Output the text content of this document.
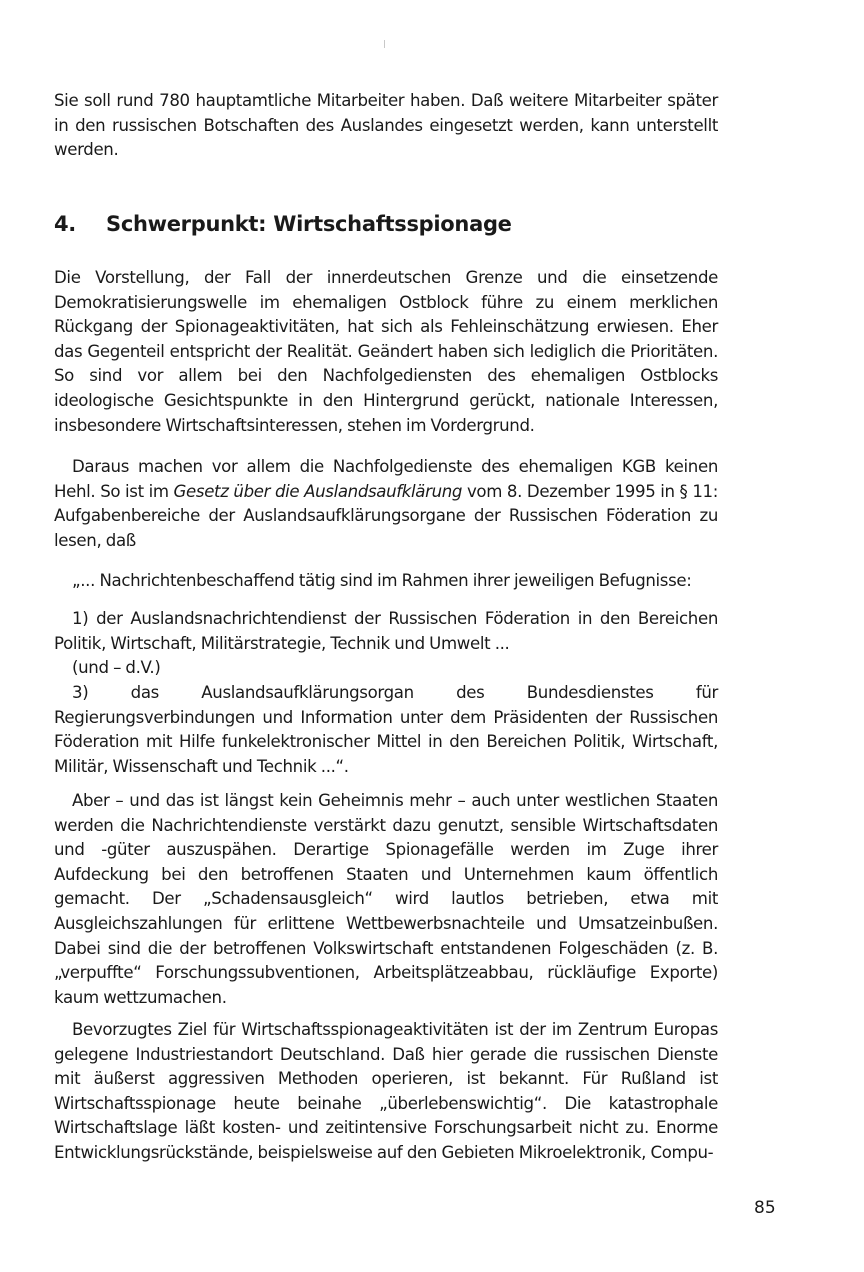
Sie soll rund 780 hauptamtliche Mitarbeiter haben. Daß weitere Mitarbeiter später in den russischen Botschaften des Auslandes eingesetzt werden, kann unterstellt werden.

4. Schwerpunkt: Wirtschaftsspionage

Die Vorstellung, der Fall der innerdeutschen Grenze und die einsetzende Demokratisierungswelle im ehemaligen Ostblock führe zu einem merklichen Rückgang der Spionageaktivitäten, hat sich als Fehleinschätzung erwiesen. Eher das Gegenteil entspricht der Realität. Geändert haben sich lediglich die Prioritäten. So sind vor allem bei den Nachfolgediensten des ehemaligen Ostblocks ideologische Gesichtspunkte in den Hintergrund gerückt, nationale Interessen, insbesondere Wirtschaftsinteressen, stehen im Vordergrund.

Daraus machen vor allem die Nachfolgedienste des ehemaligen KGB keinen Hehl. So ist im Gesetz über die Auslandsaufklärung vom 8. Dezember 1995 in § 11: Aufgabenbereiche der Auslandsaufklärungsorgane der Russischen Föderation zu lesen, daß

„... Nachrichtenbeschaffend tätig sind im Rahmen ihrer jeweiligen Befugnisse:

1) der Auslandsnachrichtendienst der Russischen Föderation in den Bereichen Politik, Wirtschaft, Militärstrategie, Technik und Umwelt ...

(und – d.V.)

3) das Auslandsaufklärungsorgan des Bundesdienstes für Regierungsverbindungen und Information unter dem Präsidenten der Russischen Föderation mit Hilfe funkelektronischer Mittel in den Bereichen Politik, Wirtschaft, Militär, Wissenschaft und Technik ...“.

Aber – und das ist längst kein Geheimnis mehr – auch unter westlichen Staaten werden die Nachrichtendienste verstärkt dazu genutzt, sensible Wirtschaftsdaten und -güter auszuspähen. Derartige Spionagefälle werden im Zuge ihrer Aufdeckung bei den betroffenen Staaten und Unternehmen kaum öffentlich gemacht. Der „Schadensausgleich“ wird lautlos betrieben, etwa mit Ausgleichszahlungen für erlittene Wettbewerbsnachteile und Umsatzeinbußen. Dabei sind die der betroffenen Volkswirtschaft entstandenen Folgeschäden (z. B. „verpuffte“ Forschungssubventionen, Arbeitsplätzeabbau, rückläufige Exporte) kaum wettzumachen.

Bevorzugtes Ziel für Wirtschaftsspionageaktivitäten ist der im Zentrum Europas gelegene Industriestandort Deutschland. Daß hier gerade die russischen Dienste mit äußerst aggressiven Methoden operieren, ist bekannt. Für Rußland ist Wirtschaftsspionage heute beinahe „überlebenswichtig“. Die katastrophale Wirtschaftslage läßt kosten- und zeitintensive Forschungsarbeit nicht zu. Enorme Entwicklungsrückstände, beispielsweise auf den Gebieten Mikroelektronik, Compu-

85
